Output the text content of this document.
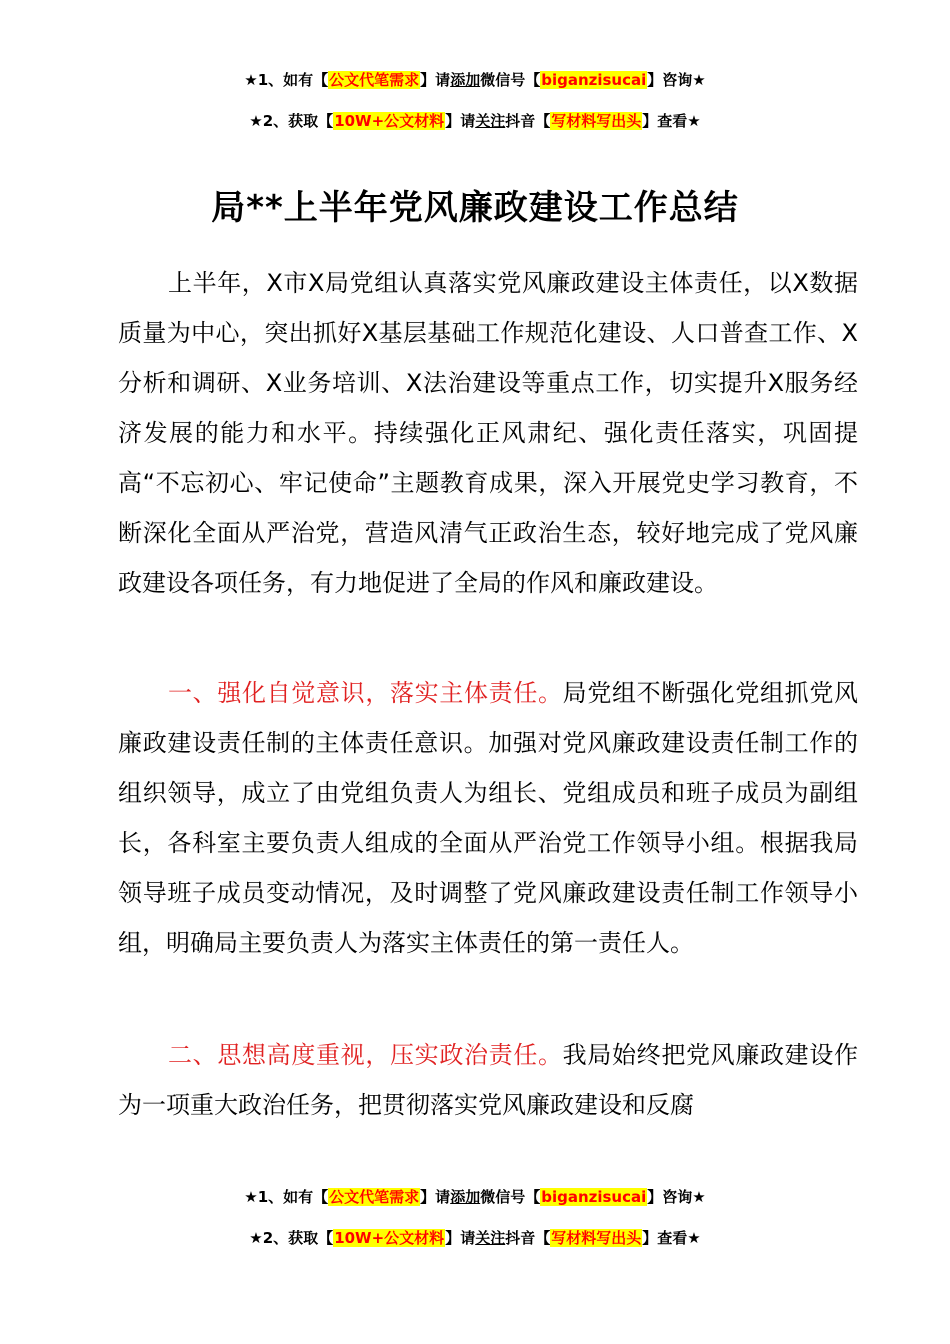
★1、如有【公文代笔需求】请添加微信号【biganzisucai】咨询★
★2、获取【10W+公文材料】请关注抖音【写材料写出头】查看★
局**上半年党风廉政建设工作总结

上半年，X市X局党组认真落实党风廉政建设主体责任，以X数据质量为中心，突出抓好X基层基础工作规范化建设、人口普查工作、X分析和调研、X业务培训、X法治建设等重点工作，切实提升X服务经济发展的能力和水平。持续强化正风肃纪、强化责任落实，巩固提高“不忘初心、牢记使命”主题教育成果，深入开展党史学习教育，不断深化全面从严治党，营造风清气正政治生态，较好地完成了党风廉政建设各项任务，有力地促进了全局的作风和廉政建设。

一、强化自觉意识，落实主体责任。局党组不断强化党组抓党风廉政建设责任制的主体责任意识。加强对党风廉政建设责任制工作的组织领导，成立了由党组负责人为组长、党组成员和班子成员为副组长，各科室主要负责人组成的全面从严治党工作领导小组。根据我局领导班子成员变动情况，及时调整了党风廉政建设责任制工作领导小组，明确局主要负责人为落实主体责任的第一责任人。

二、思想高度重视，压实政治责任。我局始终把党风廉政建设作为一项重大政治任务，把贯彻落实党风廉政建设和反腐

★1、如有【公文代笔需求】请添加微信号【biganzisucai】咨询★
★2、获取【10W+公文材料】请关注抖音【写材料写出头】查看★
